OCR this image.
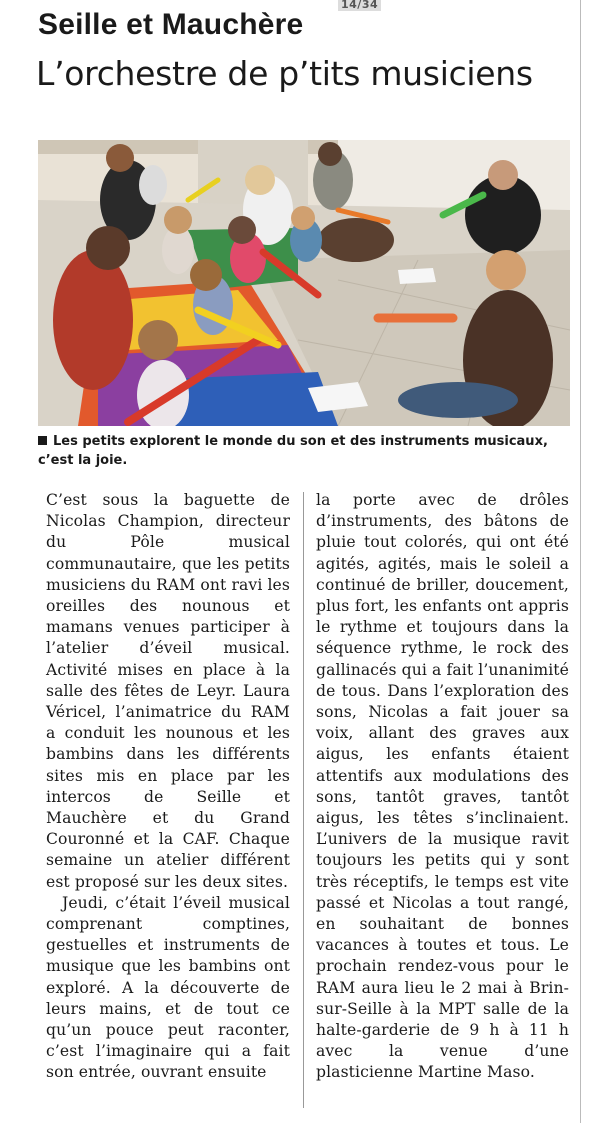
14/34
Seille et Mauchère
L’orchestre de p’tits musiciens
Les petits explorent le monde du son et des instruments musicaux, c’est la joie.

C’est sous la baguette de Nicolas Champion, directeur du Pôle musical communautaire, que les petits musiciens du RAM ont ravi les oreilles des nounous et mamans venues participer à l’atelier d’éveil musical. Activité mises en place à la salle des fêtes de Leyr. Laura Véricel, l’animatrice du RAM a conduit les nounous et les bambins dans les différents sites mis en place par les intercos de Seille et Mauchère et du Grand Couronné et la CAF. Chaque semaine un atelier différent est proposé sur les deux sites.

Jeudi, c’était l’éveil musical comprenant comptines, gestuelles et instruments de musique que les bambins ont exploré. A la découverte de leurs mains, et de tout ce qu’un pouce peut raconter, c’est l’imaginaire qui a fait son entrée, ouvrant ensuite

la porte avec de drôles d’instruments, des bâtons de pluie tout colorés, qui ont été agités, agités, mais le soleil a continué de briller, doucement, plus fort, les enfants ont appris le rythme et toujours dans la séquence rythme, le rock des gallinacés qui a fait l’unanimité de tous. Dans l’exploration des sons, Nicolas a fait jouer sa voix, allant des graves aux aigus, les enfants étaient attentifs aux modulations des sons, tantôt graves, tantôt aigus, les têtes s’inclinaient. L’univers de la musique ravit toujours les petits qui y sont très réceptifs, le temps est vite passé et Nicolas a tout rangé, en souhaitant de bonnes vacances à toutes et tous. Le prochain rendez-vous pour le RAM aura lieu le 2 mai à Brin-sur-Seille à la MPT salle de la halte-garderie de 9 h à 11 h avec la venue d’une plasticienne Martine Maso.
